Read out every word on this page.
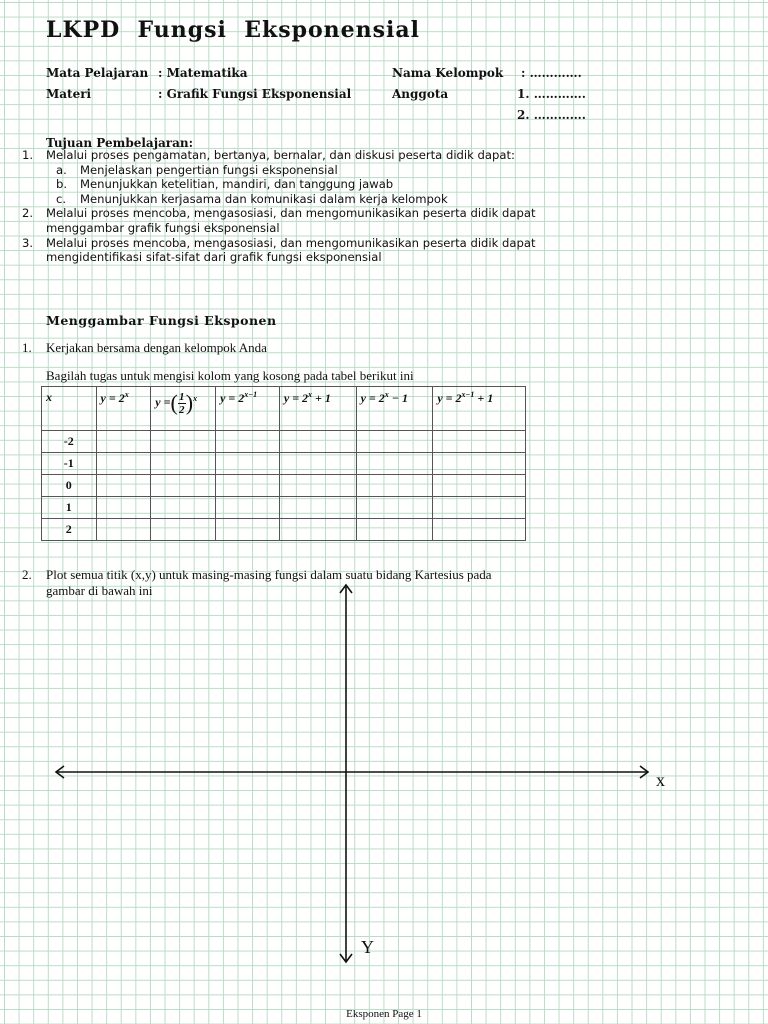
LKPD  Fungsi  Eksponensial
Mata Pelajaran : Matematika
Materi	: Grafik Fungsi Eksponensial
Nama Kelompok : ………….
Anggota	1. ………….
2. ………….
Tujuan Pembelajaran:
1. Melalui proses pengamatan, bertanya, bernalar, dan diskusi peserta didik dapat:
a. Menjelaskan pengertian fungsi eksponensial
b. Menunjukkan ketelitian, mandiri, dan tanggung jawab
c. Menunjukkan kerjasama dan komunikasi dalam kerja kelompok
2. Melalui proses mencoba, mengasosiasi, dan mengomunikasikan peserta didik dapat menggambar grafik fungsi eksponensial
3. Melalui proses mencoba, mengasosiasi, dan mengomunikasikan peserta didik dapat mengidentifikasi sifat-sifat dari grafik fungsi eksponensial
Menggambar Fungsi Eksponen
1. Kerjakan bersama dengan kelompok Anda
Bagilah tugas untuk mengisi kolom yang kosong pada tabel berikut ini
x	$y = 2^x$	y =( $\frac{1}{2} )^x$	$y = 2^{x-1}$	$y = 2^x + 1$	$y = 2^x - 1$	$y = 2^{x-1} + 1$
-2						
-1						
0						
1						
2						
2. Plot semua titik (x,y) untuk masing-masing fungsi dalam suatu bidang Kartesius pada
gambar di bawah ini
x
Y
Eksponen Page 1
